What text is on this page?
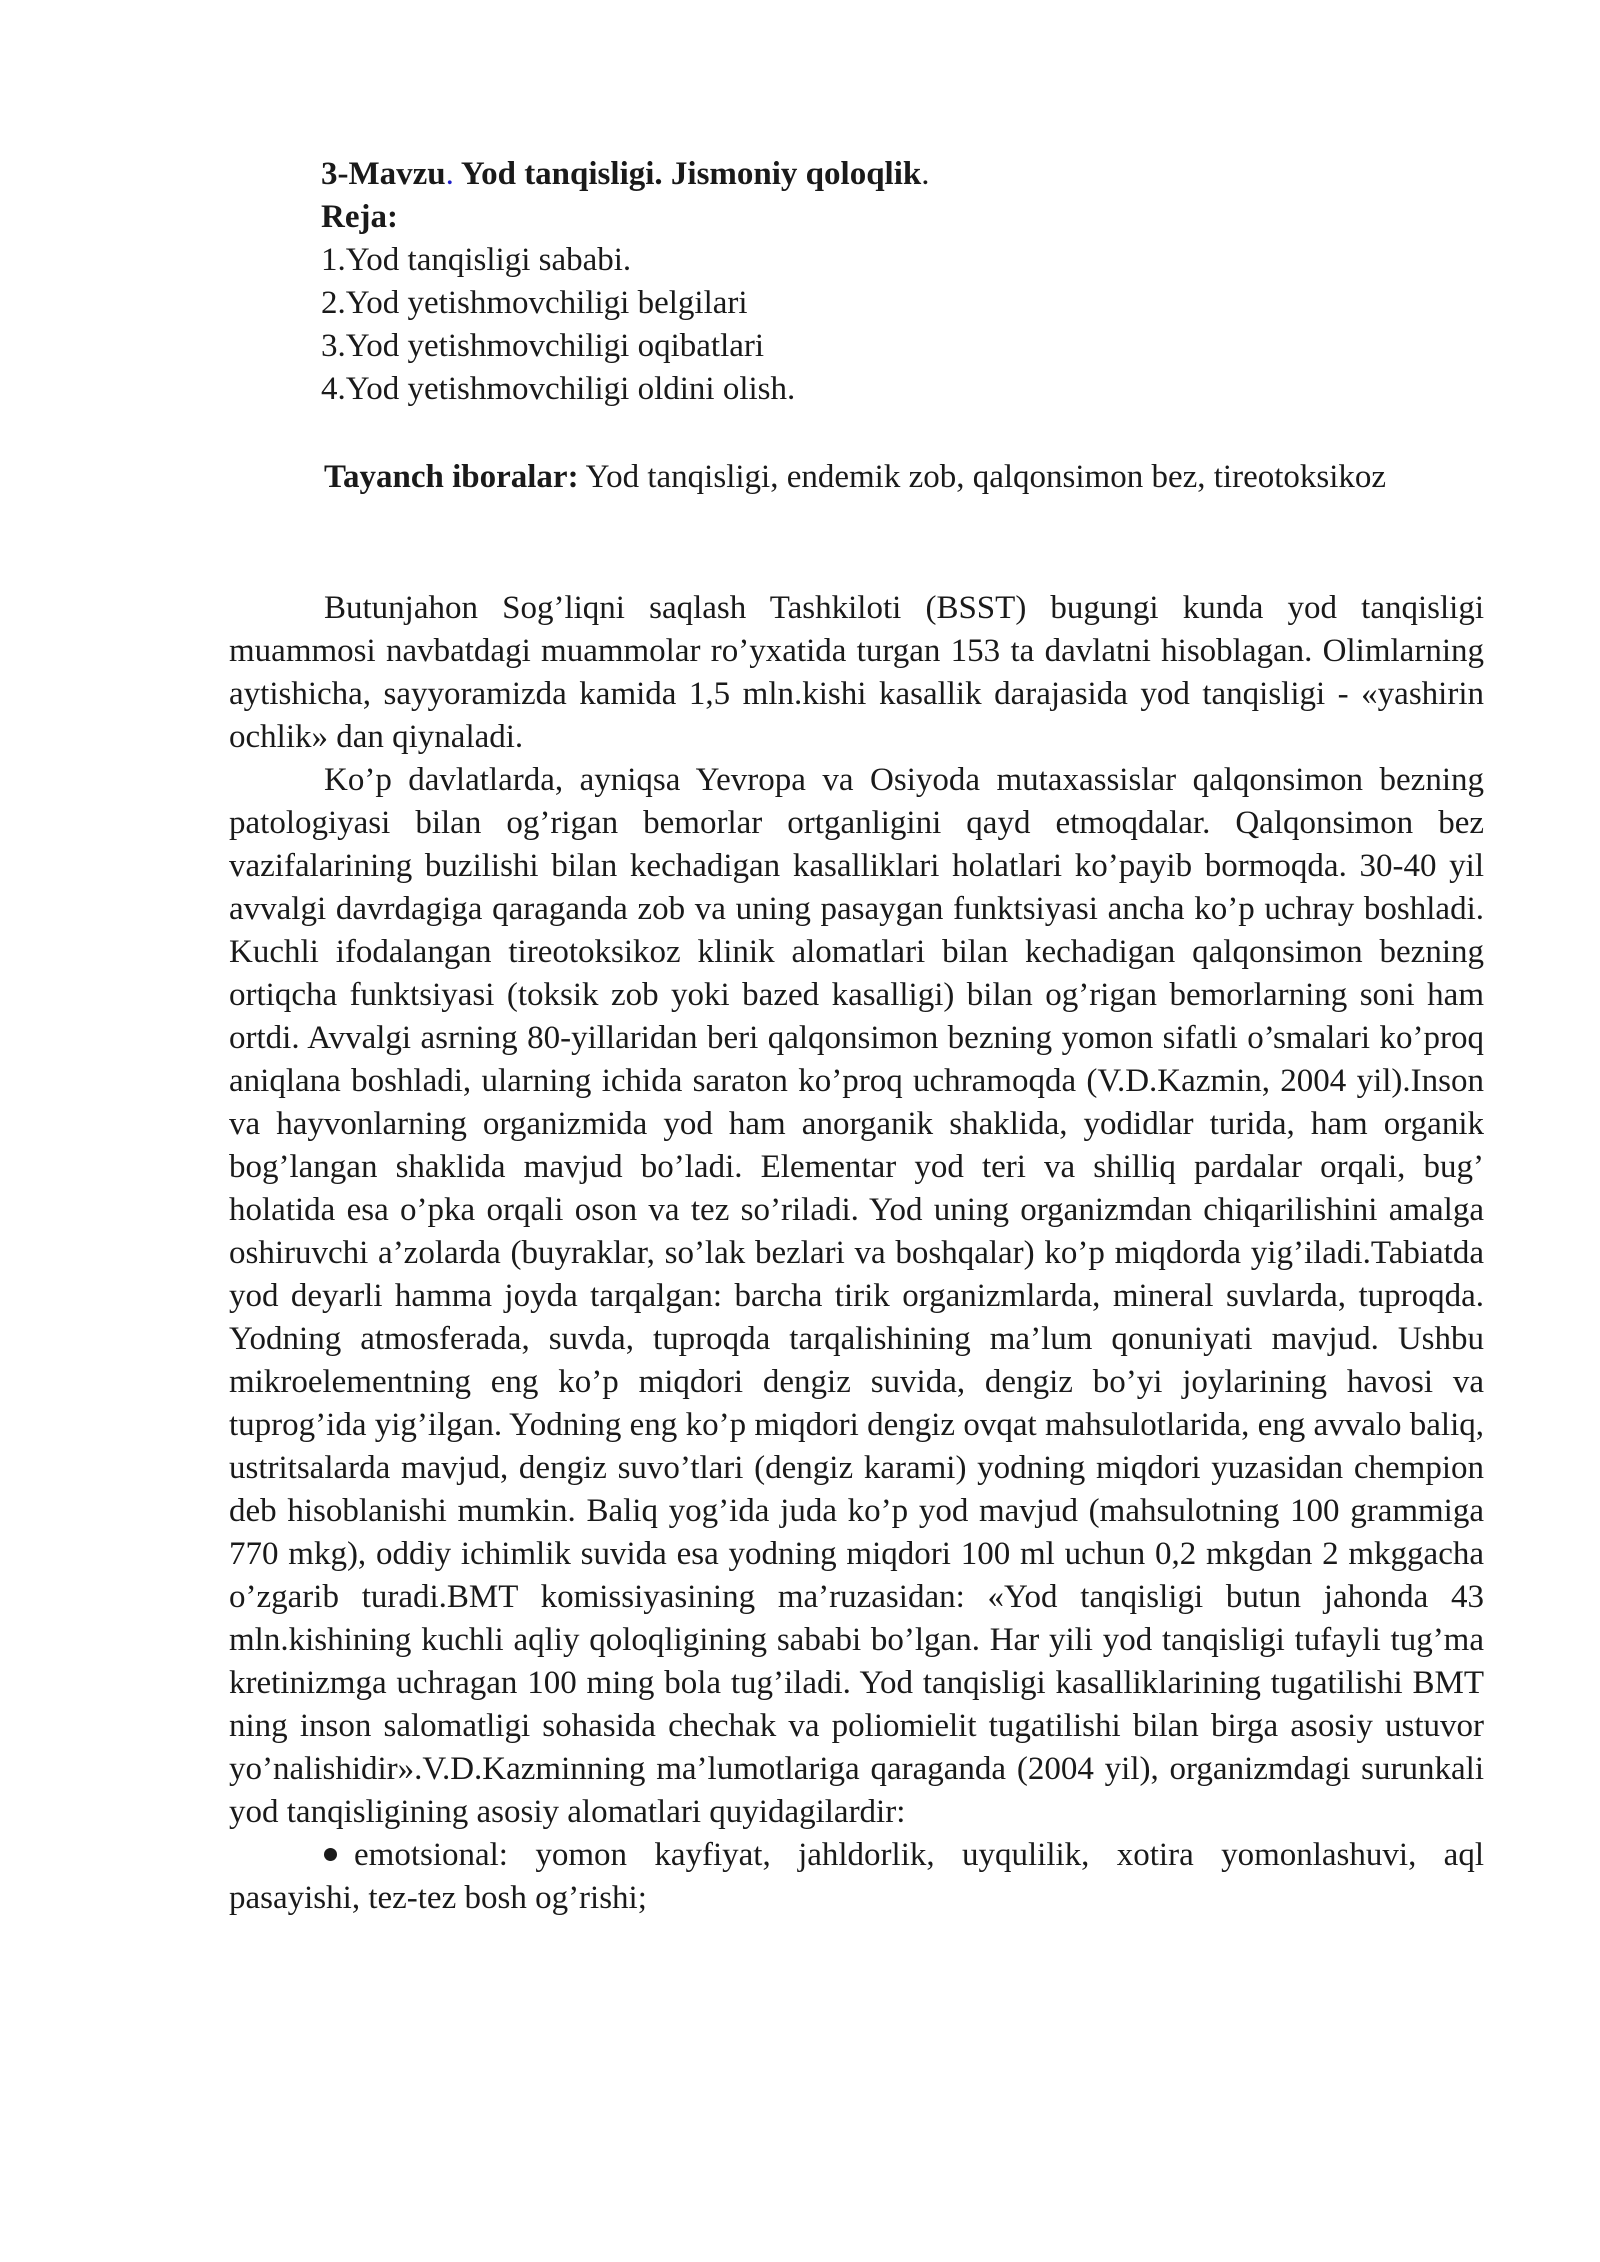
3-Mavzu. Yod tanqisligi. Jismoniy qoloqlik.
Reja:
1.Yod tanqisligi sababi.
2.Yod yetishmovchiligi belgilari
3.Yod yetishmovchiligi oqibatlari
4.Yod yetishmovchiligi oldini olish.
Tayanch iboralar: Yod tanqisligi, endemik zob, qalqonsimon bez, tireotoksikoz

Butunjahon Sog’liqni saqlash Tashkiloti (BSST) bugungi kunda yod tanqisligi muammosi navbatdagi muammolar ro’yxatida turgan 153 ta davlatni hisoblagan. Olimlarning aytishicha, sayyoramizda kamida 1,5 mln.kishi kasallik darajasida yod tanqisligi - «yashirin ochlik» dan qiynaladi.

Ko’p davlatlarda, ayniqsa Yevropa va Osiyoda mutaxassislar qalqonsimon bezning patologiyasi bilan og’rigan bemorlar ortganligini qayd etmoqdalar. Qalqonsimon bez vazifalarining buzilishi bilan kechadigan kasalliklari holatlari ko’payib bormoqda. 30-40 yil avvalgi davrdagiga qaraganda zob va uning pasaygan funktsiyasi ancha ko’p uchray boshladi. Kuchli ifodalangan tireotoksikoz klinik alomatlari bilan kechadigan qalqonsimon bezning ortiqcha funktsiyasi (toksik zob yoki bazed kasalligi) bilan og’rigan bemorlarning soni ham ortdi. Avvalgi asrning 80-yillaridan beri qalqonsimon bezning yomon sifatli o’smalari ko’proq aniqlana boshladi, ularning ichida saraton ko’proq uchramoqda (V.D.Kazmin, 2004 yil).Inson va hayvonlarning organizmida yod ham anorganik shaklida, yodidlar turida, ham organik bog’langan shaklida mavjud bo’ladi. Elementar yod teri va shilliq pardalar orqali, bug’ holatida esa o’pka orqali oson va tez so’riladi. Yod uning organizmdan chiqarilishini amalga oshiruvchi a’zolarda (buyraklar, so’lak bezlari va boshqalar) ko’p miqdorda yig’iladi.Tabiatda yod deyarli hamma joyda tarqalgan: barcha tirik organizmlarda, mineral suvlarda, tuproqda. Yodning atmosferada, suvda, tuproqda tarqalishining ma’lum qonuniyati mavjud. Ushbu mikroelementning eng ko’p miqdori dengiz suvida, dengiz bo’yi joylarining havosi va tuprog’ida yig’ilgan. Yodning eng ko’p miqdori dengiz ovqat mahsulotlarida, eng avvalo baliq, ustritsalarda mavjud, dengiz suvo’tlari (dengiz karami) yodning miqdori yuzasidan chempion deb hisoblanishi mumkin. Baliq yog’ida juda ko’p yod mavjud (mahsulotning 100 grammiga 770 mkg), oddiy ichimlik suvida esa yodning miqdori 100 ml uchun 0,2 mkgdan 2 mkggacha o’zgarib turadi.BMT komissiyasining ma’ruzasidan: «Yod tanqisligi butun jahonda 43 mln.kishining kuchli aqliy qoloqligining sababi bo’lgan. Har yili yod tanqisligi tufayli tug’ma kretinizmga uchragan 100 ming bola tug’iladi. Yod tanqisligi kasalliklarining tugatilishi BMT ning inson salomatligi sohasida chechak va poliomielit tugatilishi bilan birga asosiy ustuvor yo’nalishidir».V.D.Kazminning ma’lumotlariga qaraganda (2004 yil), organizmdagi surunkali yod tanqisligining asosiy alomatlari quyidagilardir:

emotsional: yomon kayfiyat, jahldorlik, uyqulilik, xotira yomonlashuvi, aql pasayishi, tez-tez bosh og’rishi;
